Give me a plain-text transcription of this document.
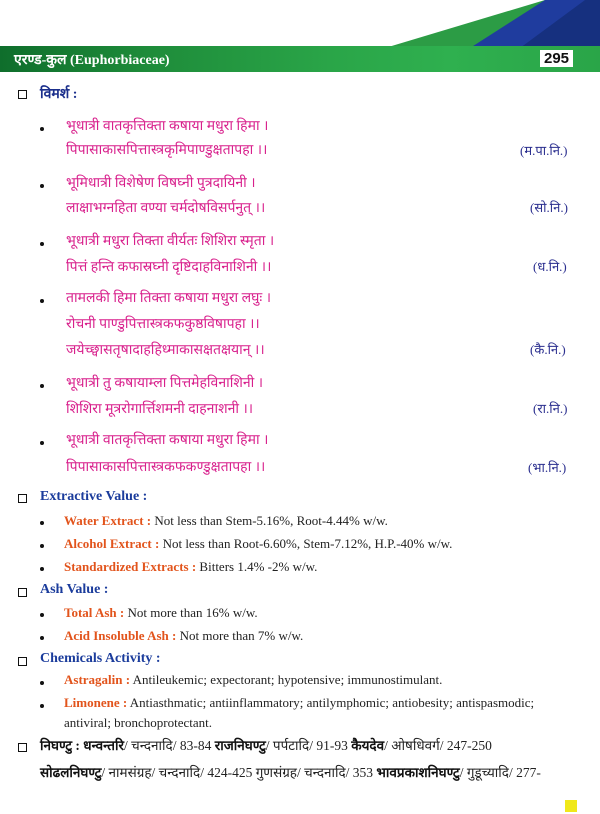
एरण्ड-कुल (Euphorbiaceae)	295
विमर्श :
भूधात्री वातकृत्तिक्ता कषाया मधुरा हिमा ।
पिपासाकासपित्तास्त्रकृमिपाण्डुक्षतापहा ।।	(म.पा.नि.)
भूमिधात्री विशेषेण विषघ्नी पुत्रदायिनी ।
लाक्षाभग्नहिता वण्या चर्मदोषविसर्पनुत् ।।	(सो.नि.)
भूधात्री मधुरा तिक्ता वीर्यतः शिशिरा स्मृता ।
पित्तं हन्ति कफास्रघ्नी दृष्टिदाहविनाशिनी ।।	(ध.नि.)
तामलकी हिमा तिक्ता कषाया मधुरा लघुः ।
रोचनी पाण्डुपित्तास्त्रकफकुष्ठविषापहा ।।
जयेच्छ्वासतृषादाहहिध्माकासक्षतक्षयान् ।।	(कै.नि.)
भूधात्री तु कषायाम्ला पित्तमेहविनाशिनी ।
शिशिरा मूत्ररोगार्त्तिशमनी दाहनाशनी ।।	(रा.नि.)
भूधात्री वातकृत्तिक्ता कषाया मधुरा हिमा ।
पिपासाकासपित्तास्त्रकफकण्डुक्षतापहा ।।	(भा.नि.)
Extractive Value :
Water Extract : Not less than Stem-5.16%, Root-4.44% w/w.
Alcohol Extract : Not less than Root-6.60%, Stem-7.12%, H.P.-40% w/w.
Standardized Extracts : Bitters 1.4% -2% w/w.
Ash Value :
Total Ash : Not more than 16% w/w.
Acid Insoluble Ash : Not more than 7% w/w.
Chemicals Activity :
Astragalin : Antileukemic; expectorant; hypotensive; immunostimulant.
Limonene : Antiasthmatic; antiinflammatory; antilymphomic; antiobesity; antispasmodic;
antiviral; bronchoprotectant.
निघण्टु : धन्वन्तरि/ चन्दनादि/ 83-84 राजनिघण्टु/ पर्पटादि/ 91-93 कैयदेव/ ओषधिवर्ग/ 247-250
सोढलनिघण्टु/ नामसंग्रह/ चन्दनादि/ 424-425 गुणसंग्रह/ चन्दनादि/ 353 भावप्रकाशनिघण्टु/ गुडूच्यादि/ 277-
